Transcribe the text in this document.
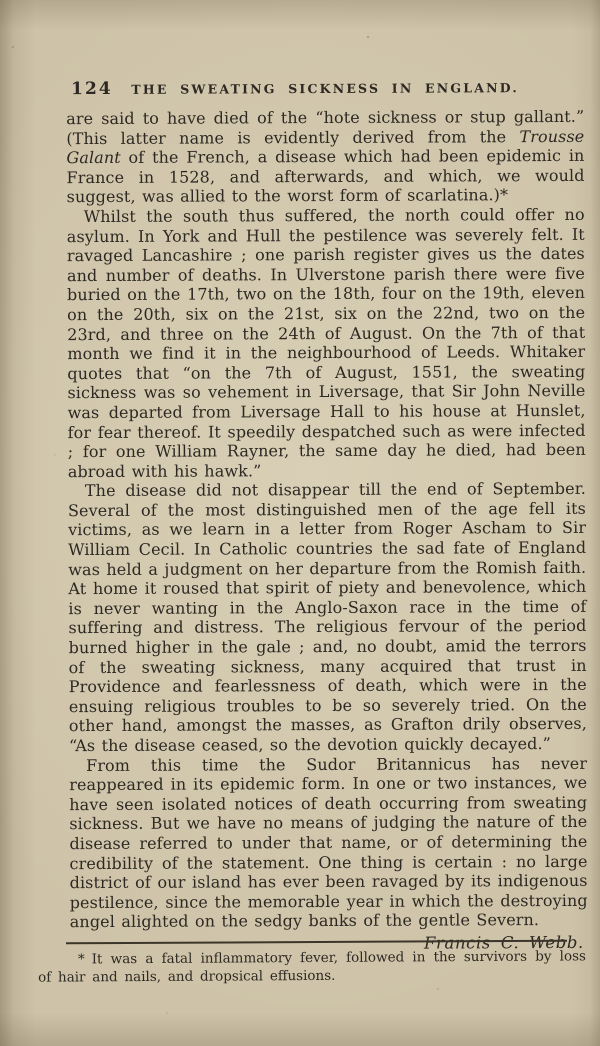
124	THE SWEATING SICKNESS IN ENGLAND.

are said to have died of the “hote sickness or stup gallant.” (This latter name is evidently derived from the Trousse Galant of the French, a disease which had been epidemic in France in 1528, and afterwards, and which, we would suggest, was allied to the worst form of scarlatina.)*

Whilst the south thus suffered, the north could offer no asylum. In York and Hull the pestilence was severely felt. It ravaged Lancashire ; one parish register gives us the dates and number of deaths. In Ulverstone parish there were five buried on the 17th, two on the 18th, four on the 19th, eleven on the 20th, six on the 21st, six on the 22nd, two on the 23rd, and three on the 24th of August. On the 7th of that month we find it in the neighbourhood of Leeds. Whitaker quotes that “on the 7th of August, 1551, the sweating sickness was so vehement in Liversage, that Sir John Neville was departed from Liversage Hall to his house at Hunslet, for fear thereof. It speedily despatched such as were infected ; for one William Rayner, the same day he died, had been abroad with his hawk.”

The disease did not disappear till the end of September. Several of the most distinguished men of the age fell its victims, as we learn in a letter from Roger Ascham to Sir William Cecil. In Catholic countries the sad fate of England was held a judgment on her departure from the Romish faith. At home it roused that spirit of piety and benevolence, which is never wanting in the Anglo-Saxon race in the time of suffering and distress. The religious fervour of the period burned higher in the gale ; and, no doubt, amid the terrors of the sweating sickness, many acquired that trust in Providence and fearlessness of death, which were in the ensuing religious troubles to be so severely tried. On the other hand, amongst the masses, as Grafton drily observes, “As the disease ceased, so the devotion quickly decayed.”

From this time the Sudor Britannicus has never reappeared in its epidemic form. In one or two instances, we have seen isolated notices of death occurring from sweating sickness. But we have no means of judging the nature of the disease referred to under that name, or of determining the credibility of the statement. One thing is certain : no large district of our island has ever been ravaged by its indigenous pestilence, since the memorable year in which the destroying angel alighted on the sedgy banks of the gentle Severn.

Francis C. Webb.

* It was a fatal inflammatory fever, followed in the survivors by loss of hair and nails, and dropsical effusions.
